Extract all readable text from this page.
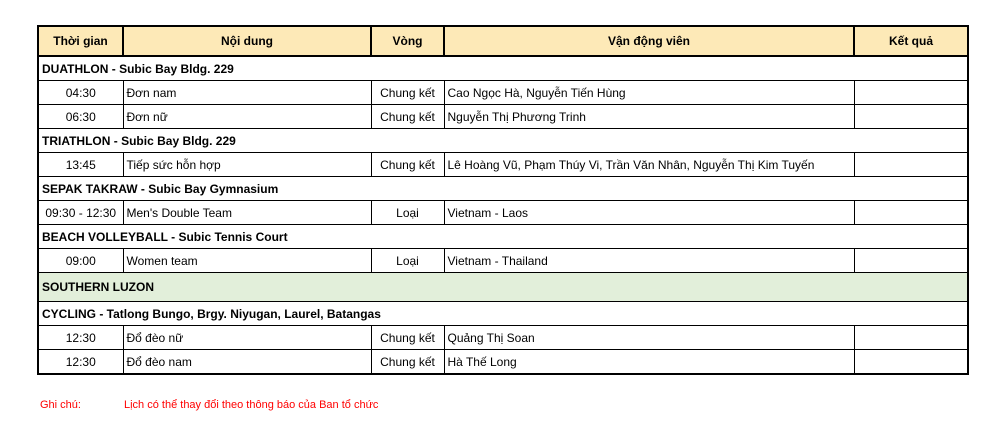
Thời gian	Nội dung	Vòng	Vận động viên	Kết quả
DUATHLON - Subic Bay Bldg. 229				
04:30	Đơn nam	Chung kết	Cao Ngọc Hà, Nguyễn Tiến Hùng	
06:30	Đơn nữ	Chung kết	Nguyễn Thị Phương Trinh	
TRIATHLON - Subic Bay Bldg. 229				
13:45	Tiếp sức hỗn hợp	Chung kết	Lê Hoàng Vũ, Phạm Thúy Vi, Trần Văn Nhân, Nguyễn Thị Kim Tuyến	
SEPAK TAKRAW - Subic Bay Gymnasium				
09:30 - 12:30	Men's Double Team	Loại	Vietnam - Laos	
BEACH VOLLEYBALL - Subic Tennis Court				
09:00	Women team	Loại	Vietnam - Thailand	
SOUTHERN LUZON				
CYCLING - Tatlong Bungo, Brgy. Niyugan, Laurel, Batangas				
12:30	Đổ đèo nữ	Chung kết	Quảng Thị Soan	
12:30	Đổ đèo nam	Chung kết	Hà Thế Long	
Ghi chú:	Lịch có thể thay đổi theo thông báo của Ban tổ chức
